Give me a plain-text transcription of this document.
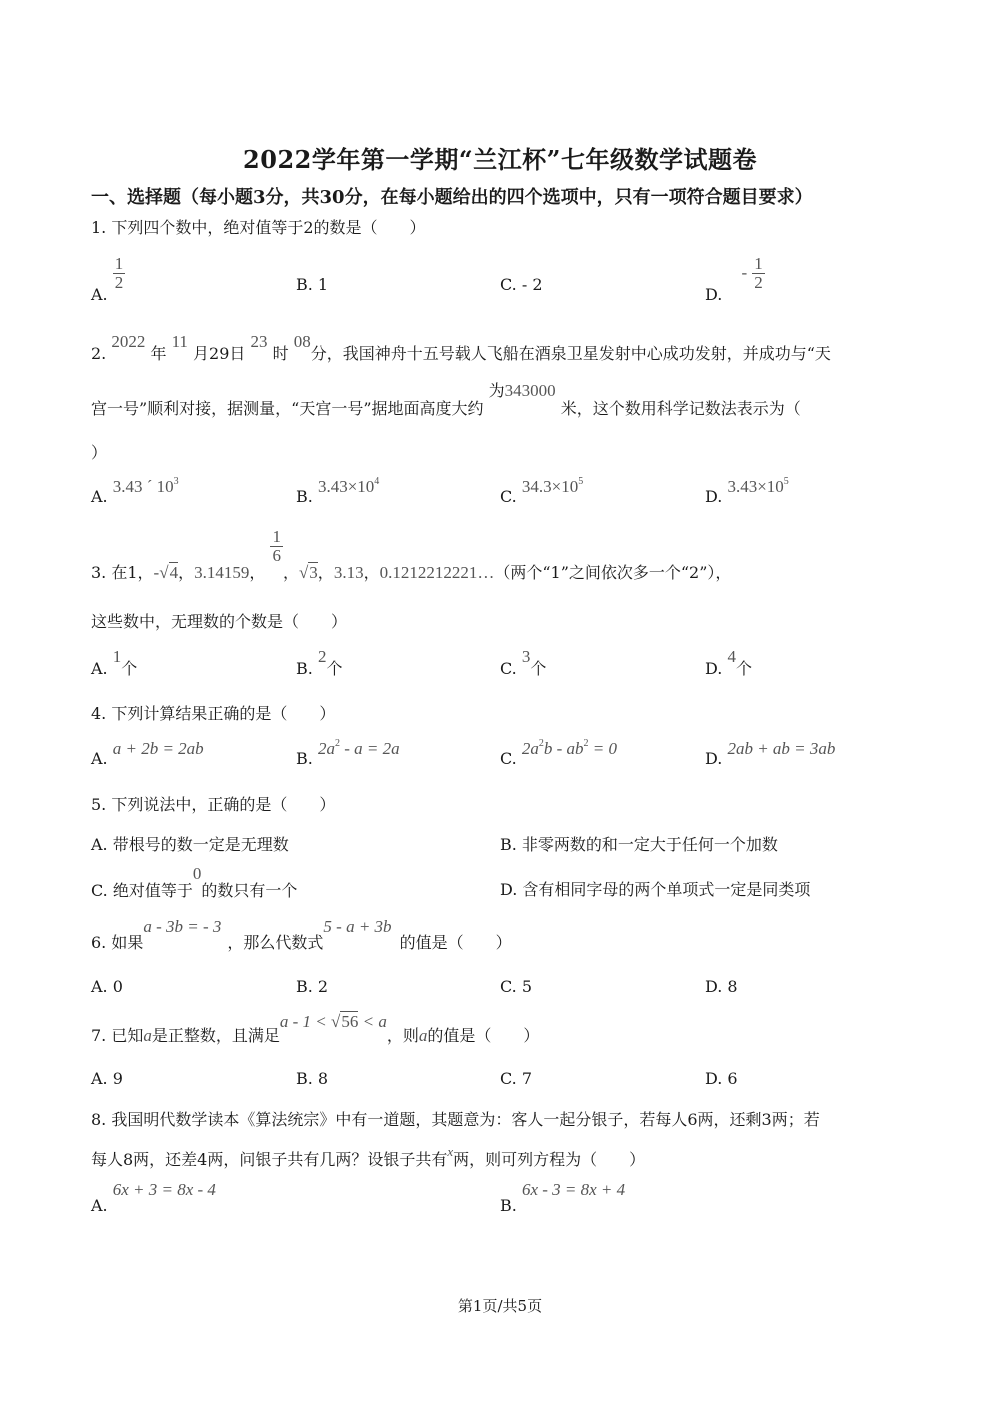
2022学年第一学期“兰江杯”七年级数学试题卷
一、选择题（每小题3分，共30分，在每小题给出的四个选项中，只有一项符合题目要求）
1. 下列四个数中，绝对值等于2的数是（　　）
A.
$\frac{1}{2}$	B. 1	C. - 2
D. - $\frac{1}{2}$
2. 2022 年 11 月29日 23 时 08分，我国神舟十五号载人飞船在酒泉卫星发射中心成功发射，并成功与“天
宫一号”顺利对接，据测量，“天宫一号”据地面高度大约 为343000 米，这个数用科学记数法表示为（
）
A. 3.43 ´ $10^3$
B. $3.43\times 10^4$
C. $34.3\times 10^5$
D. $3.43\times 10^5$
3. 在1，-√4，3.14159，
$\frac{1}{6}$
，√3，3.13，0.1212212221…（两个“1”之间依次多一个“2”），
这些数中，无理数的个数是（　　）
A. 1个	B. 2个	C. 3个	D. 4个
4. 下列计算结果正确的是（　　）
A. a + 2b = 2ab
B. $2a^2 - a = 2a$
C. $2a^2b - ab^2 = 0$
D. 2ab + ab = 3ab
5. 下列说法中，正确的是（　　）
A. 带根号的数一定是无理数	B. 非零两数的和一定大于任何一个加数
C. 绝对值等于0的数只有一个	D. 含有相同字母的两个单项式一定是同类项
6. 如果a - 3b = - 3，那么代数式5 - a + 3b的值是（　　）
A. 0	B. 2	C. 5	D. 8
7. 已知a是正整数，且满足a - 1 < √56 < a，则a的值是（　　）
A. 9	B. 8	C. 7	D. 6
8. 我国明代数学读本《算法统宗》中有一道题，其题意为：客人一起分银子，若每人6两，还剩3两；若
每人8两，还差4两，问银子共有几两？设银子共有x两，则可列方程为（　　）
A. 6x + 3 = 8x - 4
B. 6x - 3 = 8x + 4
第1页/共5页
